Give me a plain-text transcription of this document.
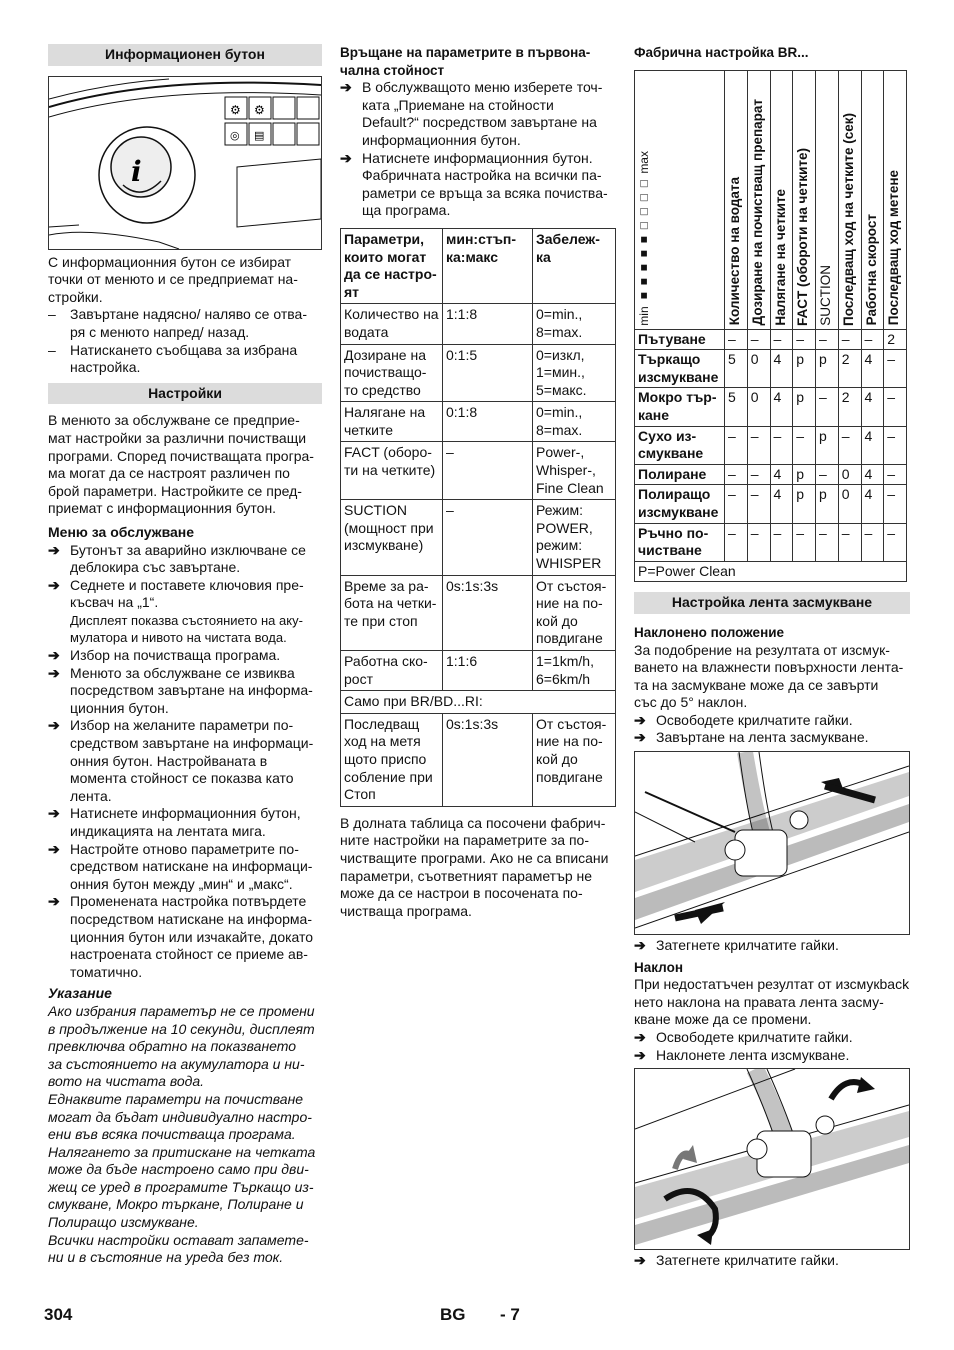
Информационен бутон
⚙ ⚙
◎ ▤
i

С информационния бутон се избират
точки от менюто и се предприемат на-
стройки.

– Завъртане надясно/ наляво се отва-
ря с менюто напред/ назад.
– Натискането съобщава за избрана
настройка.
Настройки

В менюто за обслужване се предприе-
мат настройки за различни почистващи
програми. Според почистващата програ-
ма могат да се настроят различен по
брой параметри. Настройките се пред-
приемат с информационния бутон.

Меню за обслужване
➔ Бутонът за аварийно изключване се
деблокира със завъртане.
➔ Седнете и поставете ключовия пре-
късвач на „1“.
Дисплеят показва състоянието на аку-
мулатора и нивото на чистата вода.
➔ Избор на почистваща програма.
➔ Менюто за обслужване се извиква
посредством завъртане на информа-
ционния бутон.
➔ Избор на желаните параметри по-
средством завъртане на информаци-
онния бутон. Настройваната в
момента стойност се показва като
лента.
➔ Натиснете информационния бутон,
индикацията на лентата мига.
➔ Настройте отново параметрите по-
средством натискане на информаци-
онния бутон между „мин“ и „макс“.
➔ Променената настройка потвърдете
посредством натискане на информа-
ционния бутон или изчакайте, докато
настроената стойност се приеме ав-
томатично.
Указание
Ако избрания параметър не се промени
в продължение на 10 секунди, дисплеят
превключва обратно на показването
за състоянието на акумулатора и ни-
вото на чистата вода.
Еднаквите параметри на почистване
могат да бъдат индивидуално настро-
ени във всяка почистваща програма.
Налягането за притискане на четката
може да бъде настроено само при дви-
жещ се уред в програмите Търкащо из-
смукване, Мокро търкане, Полиране и
Полиращо изсмукване.
Всички настройки остават запамете-
ни и в състояние на уреда без ток.
Връщане на параметрите в първона-
чална стойност
➔ В обслужващото меню изберете точ-
ката „Приемане на стойности
Default?“ посредством завъртане на
информационния бутон.
➔ Натиснете информационния бутон.
Фабричната настройка на всички па-
раметри се връща за всяка почиства-
ща програма.
Параметри, които могат да се настро-ят	мин:стъп-ка:макс	Забележ-ка
Количество на водата	1:1:8	0=min., 8=max.
Дозиране на почистващо-то средство	0:1:5	0=изкл, 1=мин., 5=макс.
Налягане на четките	0:1:8	0=min., 8=max.
FACT (оборо-ти на четките)	–	Power-, Whisper-, Fine Clean
SUCTION (мощност при изсмукване)	–	Режим: POWER, режим: WHISPER
Време за ра-бота на четки-те при стоп	0s:1s:3s	От състоя-ние на по-кой до повдигане
Работна ско-рост	1:1:6	1=1km/h, 6=6km/h
Само при BR/BD...RI:		
Последващ ход на метя щото приспо собление при Стоп	0s:1s:3s	От състоя-ние на по-кой до повдигане

В долната таблица са посочени фабрич-
ните настройки на параметрите за по-
чистващите програми. Ако не са вписани
параметри, съответният параметър не
може да се настрои в посочената по-
чистваща програма.

Фабрична настройка BR...
min ■■■■■□□□□ max	Количество на водата	Дозиране на почистващ препарат	Налягане на четките	FACT (обороти на четките)	SUCTION	Последващ ход на четките (сек)	Работна скорост	Последващ ход метене

Пътуване	–	–	–	–	–	–	–	2
Търкащо изсмукване	5	0	4	p	p	2	4	–
Мокро тър-кане	5	0	4	p	–	2	4	–
Сухо из-смукване	–	–	–	–	p	–	4	–
Полиране	–	–	4	p	–	0	4	–
Полиращо изсмукване	–	–	4	p	p	0	4	–
Ръчно по-чистване	–	–	–	–	–	–	–	–
P=Power Clean								
Настройка лента засмукване
Наклонено положение

За подобрение на резултата от изсмук-
ването на влажнести повърхности лента-
та на засмукване може да се завърти
със до 5° наклон.

➔ Освободете крилчатите гайки.
➔ Завъртане на лента засмукване.
➔ Затегнете крилчатите гайки.
Наклон

При недостатъчен резултат от изсмукback
нето наклона на правата лента засму-
кване може да се промени.

➔ Освободете крилчатите гайки.
➔ Наклонете лента изсмукване.
➔ Затегнете крилчатите гайки.
304	BG - 7
